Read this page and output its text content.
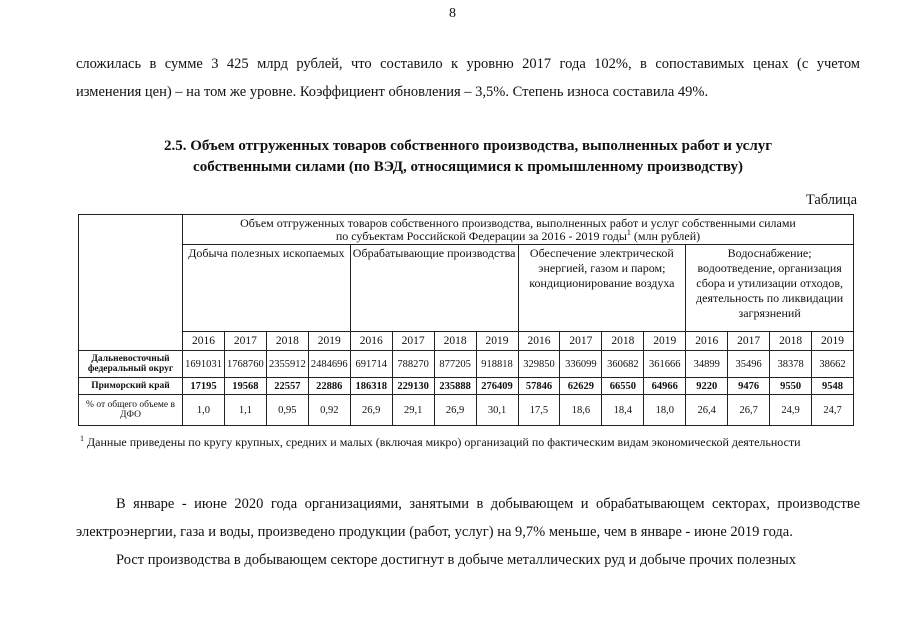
8

сложилась в сумме 3 425 млрд рублей, что составило к уровню 2017 года 102%, в сопоставимых ценах (с учетом
изменения цен) – на том же уровне. Коэффициент обновления – 3,5%. Степень износа составила 49%.

2.5. Объем отгруженных товаров собственного производства, выполненных работ и услуг
собственными силами (по ВЭД, относящимися к промышленному производству)
Таблица
	Объем отгруженных товаров собственного производства, выполненных работ и услуг собственными силами
по субъектам Российской Федерации за 2016 - 2019 годы$^1$ (млн рублей)															
	Добыча полезных ископаемых				Обрабатывающие производства				Обеспечение электрической энергией, газом и паром; кондиционирование воздуха				Водоснабжение; водоотведение, организация сбора и утилизации отходов, деятельность по ликвидации загрязнений			
	2016	2017	2018	2019	2016	2017	2018	2019	2016	2017	2018	2019	2016	2017	2018	2019
Дальневосточный федеральный округ	1691031	1768760	2355912	2484696	691714	788270	877205	918818	329850	336099	360682	361666	34899	35496	38378	38662
Приморский край	17195	19568	22557	22886	186318	229130	235888	276409	57846	62629	66550	64966	9220	9476	9550	9548
% от общего объеме в ДФО	1,0	1,1	0,95	0,92	26,9	29,1	26,9	30,1	17,5	18,6	18,4	18,0	26,4	26,7	24,9	24,7

$^1$ Данные приведены по кругу крупных, средних и малых (включая микро) организаций по фактическим видам экономической деятельности

В январе - июне 2020 года организациями, занятыми в добывающем и обрабатывающем секторах, производстве электроэнергии, газа и воды, произведено продукции (работ, услуг) на 9,7% меньше, чем в январе - июне 2019 года.

Рост производства в добывающем секторе достигнут в добыче металлических руд и добыче прочих полезных
